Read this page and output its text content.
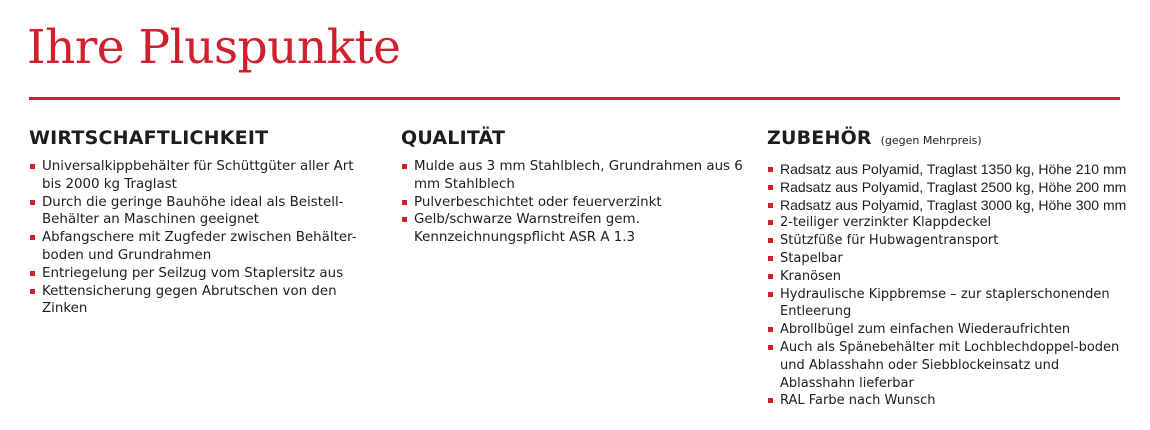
Ihre Pluspunkte
WIRTSCHAFTLICHKEIT
Universalkippbehälter für Schüttgüter aller Art bis 2000 kg Traglast
Durch die geringe Bauhöhe ideal als Beistell-Behälter an Maschinen geeignet
Abfangschere mit Zugfeder zwischen Behälter-boden und Grundrahmen
Entriegelung per Seilzug vom Staplersitz aus
Kettensicherung gegen Abrutschen von den Zinken
QUALITÄT
Mulde aus 3 mm Stahlblech, Grundrahmen aus 6 mm Stahlblech
Pulverbeschichtet oder feuerverzinkt
Gelb/schwarze Warnstreifen gem. Kennzeichnungspflicht ASR A 1.3
ZUBEHÖR (gegen Mehrpreis)
Radsatz aus Polyamid, Traglast 1350 kg, Höhe 210 mm
Radsatz aus Polyamid, Traglast 2500 kg, Höhe 200 mm
Radsatz aus Polyamid, Traglast 3000 kg, Höhe 300 mm
2-teiliger verzinkter Klappdeckel
Stützfüße für Hubwagentransport
Stapelbar
Kranösen
Hydraulische Kippbremse – zur staplerschonenden Entleerung
Abrollbügel zum einfachen Wiederaufrichten
Auch als Spänebehälter mit Lochblechdoppel-boden und Ablasshahn oder Siebblockeinsatz und Ablasshahn lieferbar
RAL Farbe nach Wunsch
